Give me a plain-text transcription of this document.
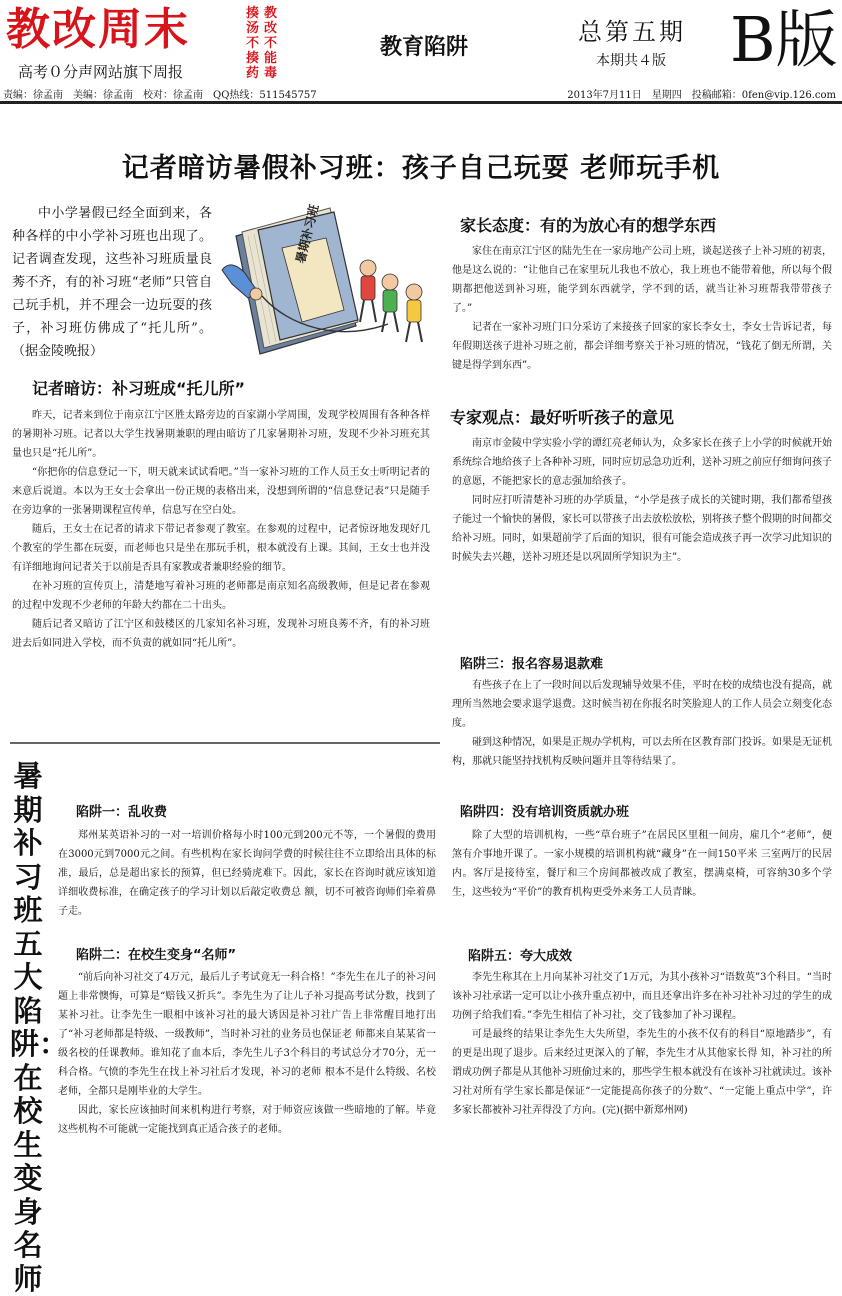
教改周末	揍汤不揍药
教改不能毒
高考０分声网站旗下周报
教育陷阱
总第五期
本期共４版 B版
责编：徐孟南　美编：徐孟南　校对：徐孟南　QQ热线：511545757	2013年7月11日　星期四　投稿邮箱：0fen@vip.126.com
记者暗访暑假补习班：孩子自己玩耍 老师玩手机
中小学暑假已经全面到来，各种各样的中小学补习班也出现了。记者调查发现，这些补习班质量良莠不齐，有的补习班“老师”只管自己玩手机，并不理会一边玩耍的孩子，补习班仿佛成了“托儿所”。（据金陵晚报）
暑期补习班
记者暗访：补习班成“托儿所”

昨天，记者来到位于南京江宁区胜太路旁边的百家湖小学周围，发现学校周围有各种各样的暑期补习班。记者以大学生找暑期兼职的理由暗访了几家暑期补习班，发现不少补习班充其量也只是“托儿所”。

“你把你的信息登记一下，明天就来试试看吧。”当一家补习班的工作人员王女士听明记者的来意后说道。本以为王女士会拿出一份正规的表格出来，没想到所谓的“信息登记表”只是随手在旁边拿的一张暑期课程宣传单，信息写在空白处。

随后，王女士在记者的请求下带记者参观了教室。在参观的过程中，记者惊讶地发现好几个教室的学生都在玩耍，而老师也只是坐在那玩手机，根本就没有上课。其间，王女士也并没有详细地询问记者关于以前是否具有家教或者兼职经验的细节。

在补习班的宣传页上，清楚地写着补习班的老师都是南京知名高级教师，但是记者在参观的过程中发现不少老师的年龄大约都在二十出头。

随后记者又暗访了江宁区和鼓楼区的几家知名补习班，发现补习班良莠不齐，有的补习班进去后如同进入学校，而不负责的就如同“托儿所”。

家长态度：有的为放心有的想学东西

家住在南京江宁区的陆先生在一家房地产公司上班，谈起送孩子上补习班的初衷，他是这么说的：“让他自己在家里玩儿我也不放心，我上班也不能带着他，所以每个假期都把他送到补习班，能学到东西就学，学不到的话，就当让补习班帮我带带孩子了。”

记者在一家补习班门口分采访了来接孩子回家的家长李女士，李女士告诉记者，每年假期送孩子进补习班之前，都会详细考察关于补习班的情况，“钱花了倒无所谓，关键是得学到东西”。

专家观点：最好听听孩子的意见

南京市金陵中学实验小学的谭红亮老师认为，众多家长在孩子上小学的时候就开始系统综合地给孩子上各种补习班，同时应切忌急功近利，送补习班之前应仔细询问孩子的意愿，不能把家长的意志强加给孩子。

同时应打听清楚补习班的办学质量，“小学是孩子成长的关键时期，我们都希望孩子能过一个愉快的暑假，家长可以带孩子出去放松放松，别将孩子整个假期的时间都交给补习班。同时，如果超前学了后面的知识，很有可能会造成孩子再一次学习此知识的时候失去兴趣，送补习班还是以巩固所学知识为主”。

暑期补习班五大陷阱：在校生变身名师
陷阱一：乱收费

郑州某英语补习的一对一培训价格每小时100元到200元不等，一个暑假的费用在3000元到7000元之间。有些机构在家长询问学费的时候往往不立即给出具体的标准，最后，总是超出家长的预算，但已经骑虎难下。因此，家长在咨询时就应该知道详细收费标准，在确定孩子的学习计划以后敲定收费总 额，切不可被咨询师们牵着鼻子走。

陷阱二：在校生变身“名师”

“前后向补习社交了4万元，最后儿子考试竟无一科合格！”李先生在儿子的补习问题上非常懊悔，可算是“赔钱又折兵”。李先生为了让儿子补习提高考试分数，找到了某补习社。让李先生一眼相中该补习社的最大诱因是补习社广告上非常醒目地打出了“补习老师都是特级、一级教师”，当时补习社的业务员也保证老 师都来自某某省一级名校的任课教师。谁知花了血本后，李先生儿子3个科目的考试总分才70分，无一科合格。气愤的李先生在找上补习社后才发现，补习的老师 根本不是什么特级、名校老师，全都只是刚毕业的大学生。

因此，家长应该抽时间来机构进行考察，对于师资应该做一些暗地的了解。毕竟这些机构不可能就一定能找到真正适合孩子的老师。

陷阱三：报名容易退款难

有些孩子在上了一段时间以后发现辅导效果不佳，平时在校的成绩也没有提高，就理所当然地会要求退学退费。这时候当初在你报名时笑脸迎人的工作人员会立刻变化态度。

碰到这种情况，如果是正规办学机构，可以去所在区教育部门投诉。如果是无证机构，那就只能坚持找机构反映问题并且等待结果了。

陷阱四：没有培训资质就办班

除了大型的培训机构，一些“草台班子”在居民区里租一间房，雇几个“老师”，便煞有介事地开课了。一家小规模的培训机构就“藏身”在一间150平米 三室两厅的民居内。客厅是接待室，餐厅和三个房间都被改成了教室，摆满桌椅，可容纳30多个学生，这些较为“平价”的教育机构更受外来务工人员青睐。

陷阱五：夸大成效

李先生称其在上月向某补习社交了1万元，为其小孩补习“语数英”3个科目。“当时该补习社承诺一定可以让小孩升重点初中，而且还拿出许多在补习社补习过的学生的成功例子给我们看。”李先生相信了补习社，交了钱参加了补习课程。

可是最终的结果让李先生大失所望，李先生的小孩不仅有的科目“原地踏步”，有的更是出现了退步。后来经过更深入的了解，李先生才从其他家长得 知，补习社的所谓成功例子都是从其他补习班偷过来的，那些学生根本就没有在该补习社就读过。该补习社对所有学生家长都是保证“一定能提高你孩子的分数”、“一定能上重点中学”，许多家长都被补习社弄得没了方向。(完)(据中新郑州网)
